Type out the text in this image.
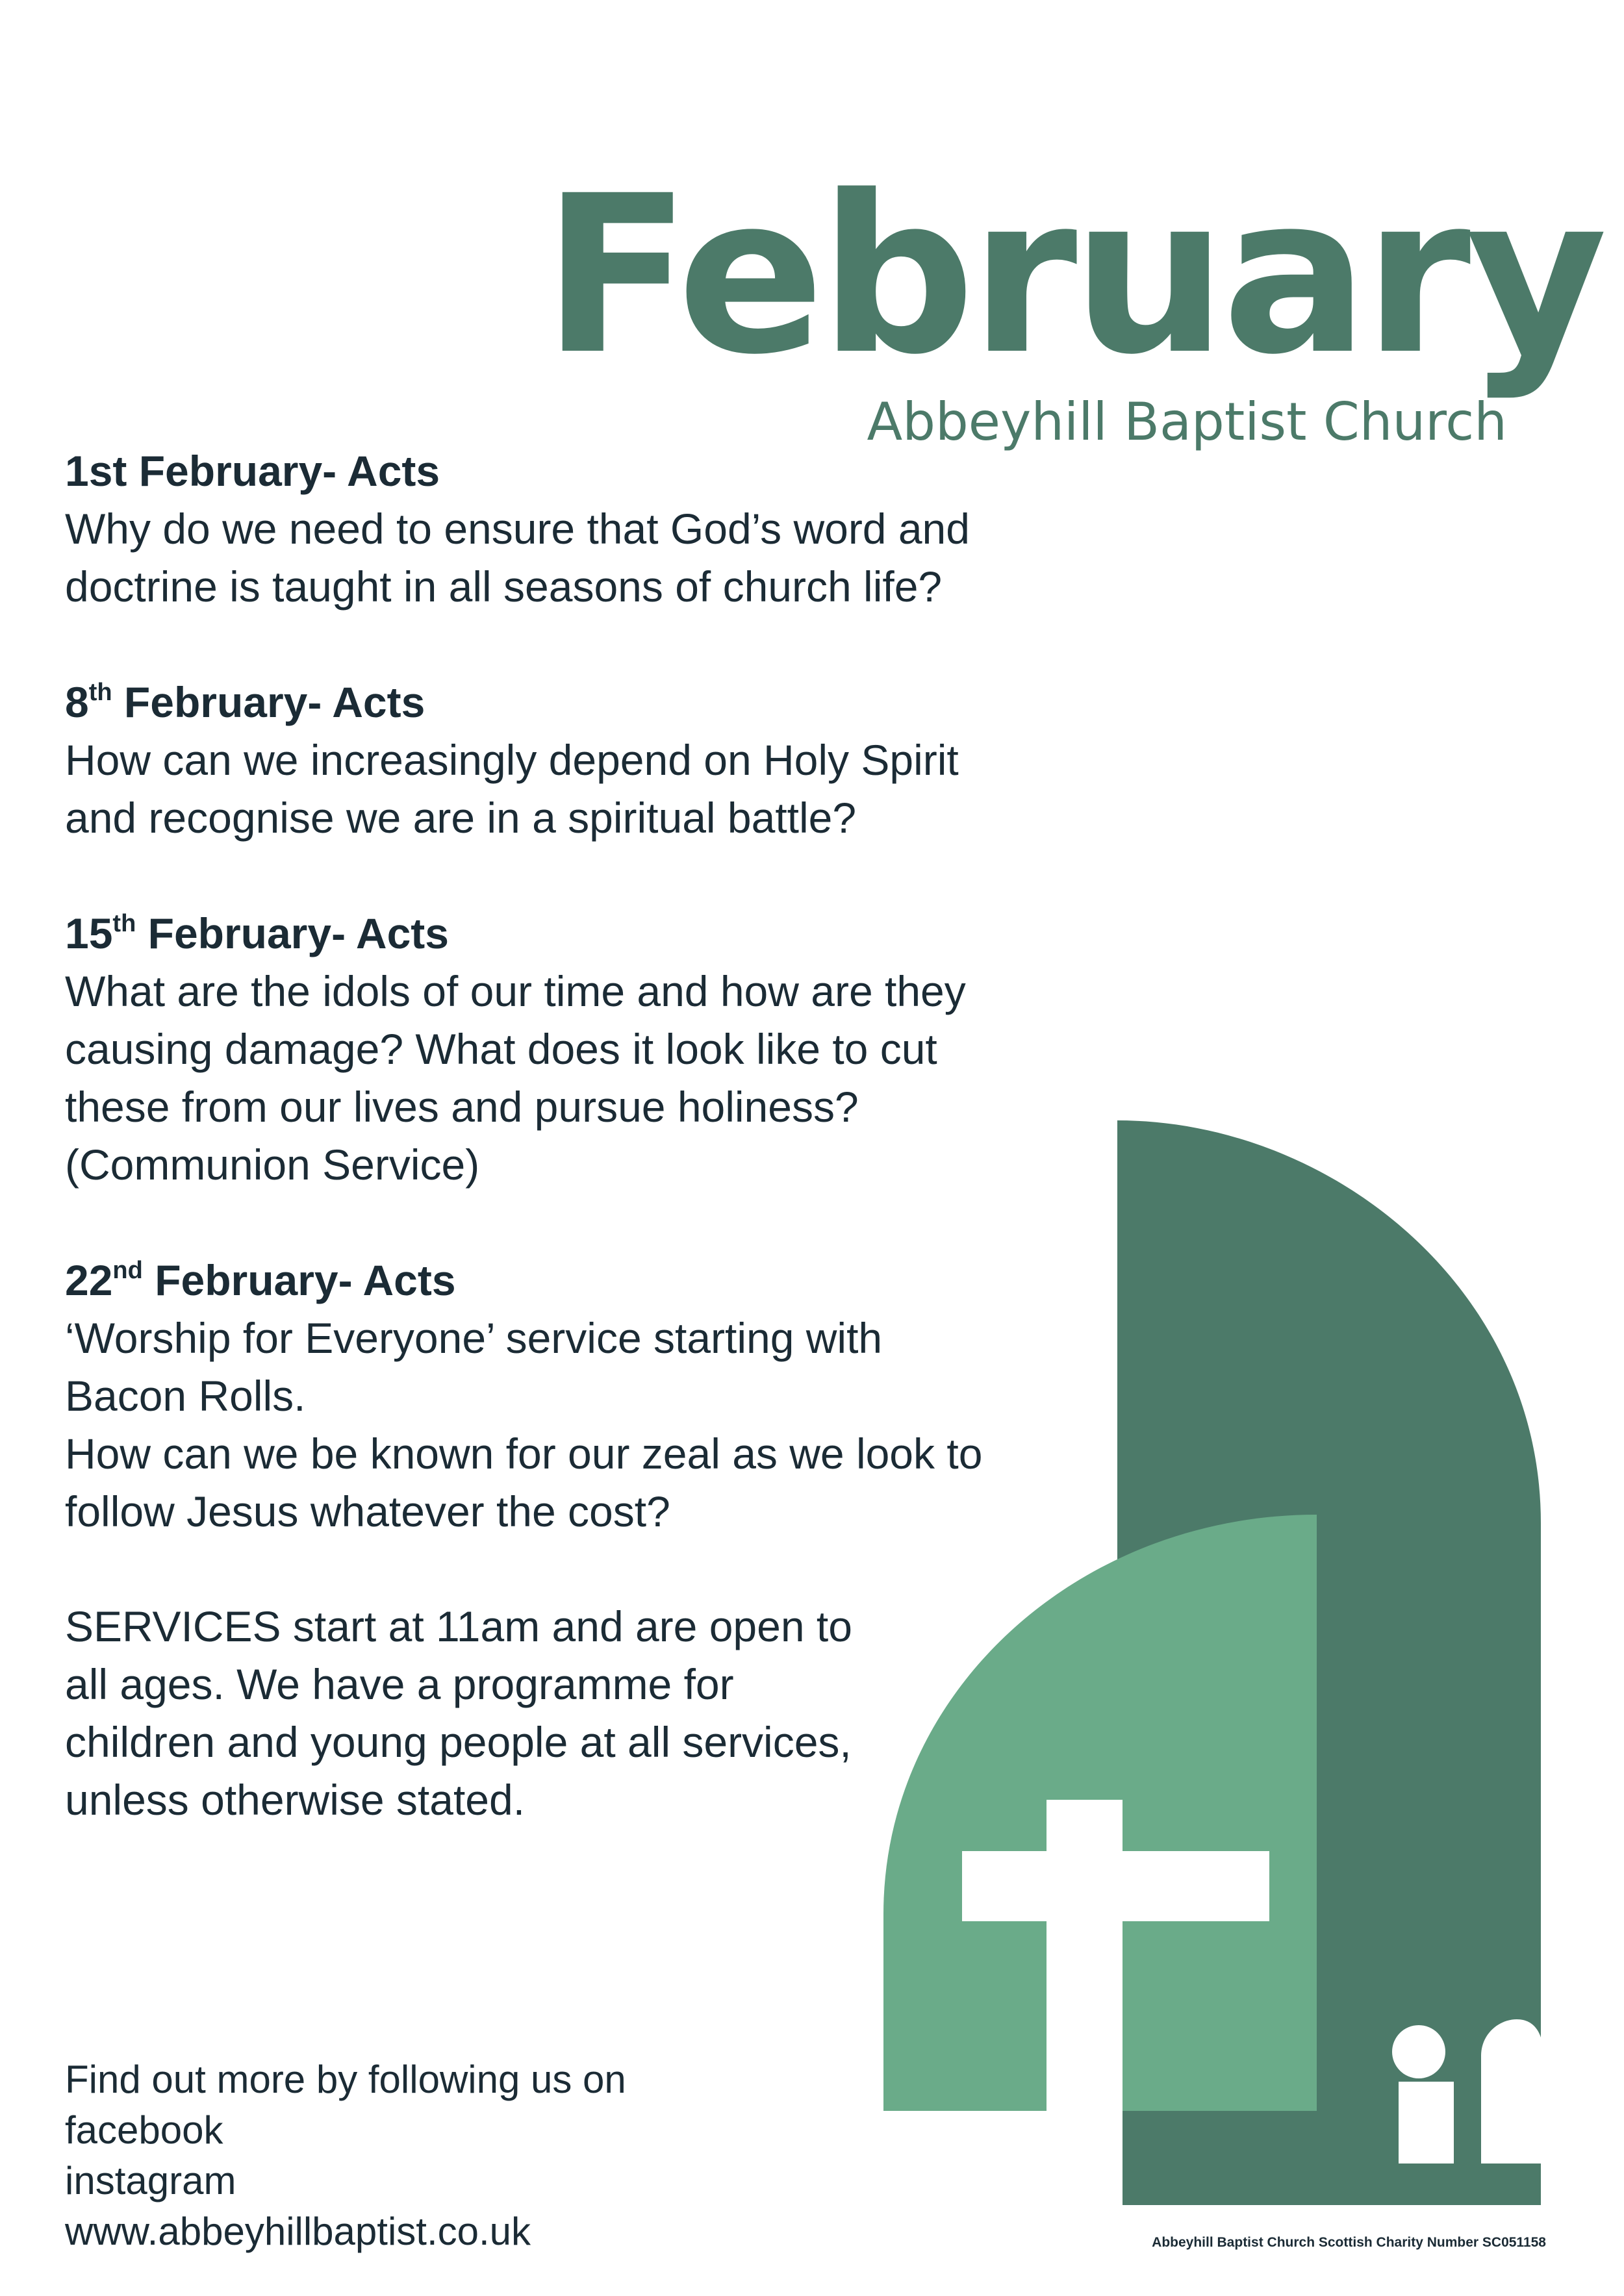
February
Abbeyhill Baptist Church
1st February- Acts

Why do we need to ensure that God’s word and doctrine is taught in all seasons of church life?

8th February- Acts

How can we increasingly depend on Holy Spirit and recognise we are in a spiritual battle?

15th February- Acts

What are the idols of our time and how are they causing damage? What does it look like to cut these from our lives and pursue holiness? (Communion Service)

22nd February- Acts

‘Worship for Everyone’ service starting with Bacon Rolls.

How can we be known for our zeal as we look to follow Jesus whatever the cost?

SERVICES start at 11am and are open to all ages. We have a programme for children and young people at all services, unless otherwise stated.

Find out more by following us on
facebook
instagram
www.abbeyhillbaptist.co.uk	Abbeyhill Baptist Church Scottish Charity Number SC051158
